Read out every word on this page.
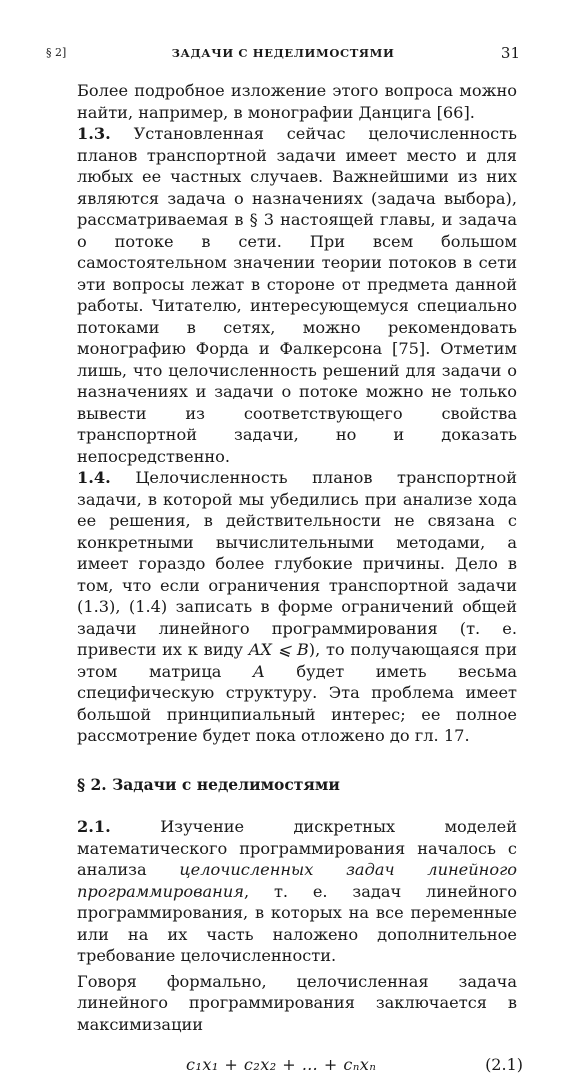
§ 2]	ЗАДАЧИ С НЕДЕЛИМОСТЯМИ	31

Более подробное изложение этого вопроса можно найти, например, в монографии Данцига [66].

1.3. Установленная сейчас целочисленность планов транспортной задачи имеет место и для любых ее частных случаев. Важнейшими из них являются задача о назначениях (задача выбора), рассматриваемая в § 3 настоящей главы, и задача о потоке в сети. При всем большом самостоятельном значении теории потоков в сети эти вопросы лежат в стороне от предмета данной работы. Читателю, интересующемуся специально потоками в сетях, можно рекомендовать монографию Форда и Фалкерсона [75]. Отметим лишь, что целочисленность решений для задачи о назначениях и задачи о потоке можно не только вывести из соответствующего свойства транспортной задачи, но и доказать непосредственно.

1.4. Целочисленность планов транспортной задачи, в которой мы убедились при анализе хода ее решения, в действительности не связана с конкретными вычислительными методами, а имеет гораздо более глубокие причины. Дело в том, что если ограничения транспортной задачи (1.3), (1.4) записать в форме ограничений общей задачи линейного программирования (т. е. привести их к виду AX ⩽ B), то получающаяся при этом матрица A будет иметь весьма специфическую структуру. Эта проблема имеет большой принципиальный интерес; ее полное рассмотрение будет пока отложено до гл. 17.

§ 2. Задачи с неделимостями

2.1.	Изучение дискретных моделей математического программирования началось с анализа целочисленных задач линейного программирования, т. е. задач линейного программирования, в которых на все переменные или на их часть наложено дополнительное требование целочисленности.

Говоря формально, целочисленная задача линейного программирования заключается в максимизации

c₁x₁ + c₂x₂ + … + cₙxₙ	(2.1)
